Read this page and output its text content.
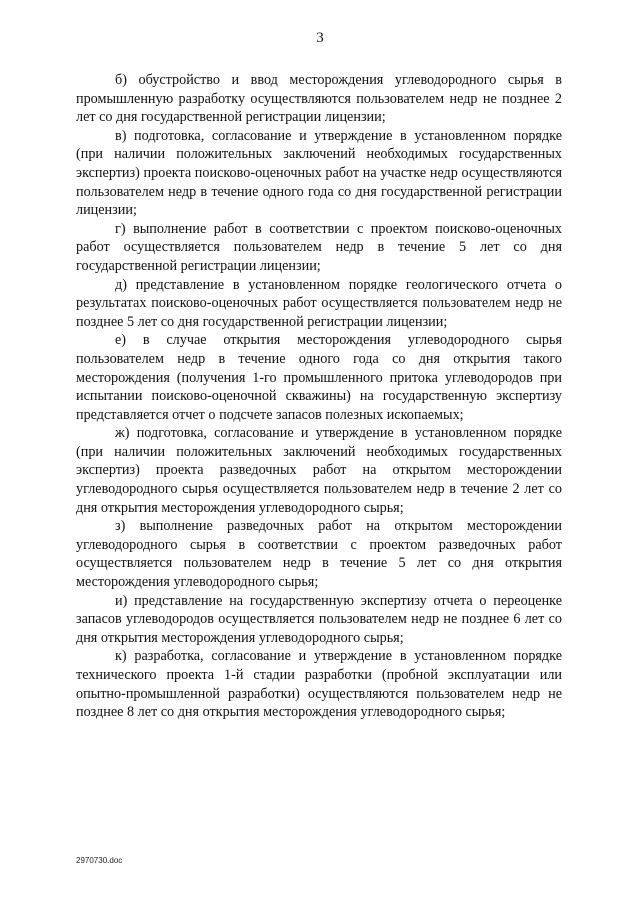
3

б) обустройство и ввод месторождения углеводородного сырья в промышленную разработку осуществляются пользователем недр не позднее 2 лет со дня государственной регистрации лицензии;

в) подготовка, согласование и утверждение в установленном порядке (при наличии положительных заключений необходимых государственных экспертиз) проекта поисково-оценочных работ на участке недр осуществляются пользователем недр в течение одного года со дня государственной регистрации лицензии;

г) выполнение работ в соответствии с проектом поисково-оценочных работ осуществляется пользователем недр в течение 5 лет со дня государственной регистрации лицензии;

д) представление в установленном порядке геологического отчета о результатах поисково-оценочных работ осуществляется пользователем недр не позднее 5 лет со дня государственной регистрации лицензии;

е) в случае открытия месторождения углеводородного сырья пользователем недр в течение одного года со дня открытия такого месторождения (получения 1-го промышленного притока углеводородов при испытании поисково-оценочной скважины) на государственную экспертизу представляется отчет о подсчете запасов полезных ископаемых;

ж) подготовка, согласование и утверждение в установленном порядке (при наличии положительных заключений необходимых государственных экспертиз) проекта разведочных работ на открытом месторождении углеводородного сырья осуществляется пользователем недр в течение 2 лет со дня открытия месторождения углеводородного сырья;

з) выполнение разведочных работ на открытом месторождении углеводородного сырья в соответствии с проектом разведочных работ осуществляется пользователем недр в течение 5 лет со дня открытия месторождения углеводородного сырья;

и) представление на государственную экспертизу отчета о переоценке запасов углеводородов осуществляется пользователем недр не позднее 6 лет со дня открытия месторождения углеводородного сырья;

к) разработка, согласование и утверждение в установленном порядке технического проекта 1-й стадии разработки (пробной эксплуатации или опытно-промышленной разработки) осуществляются пользователем недр не позднее 8 лет со дня открытия месторождения углеводородного сырья;

2970730.doc
